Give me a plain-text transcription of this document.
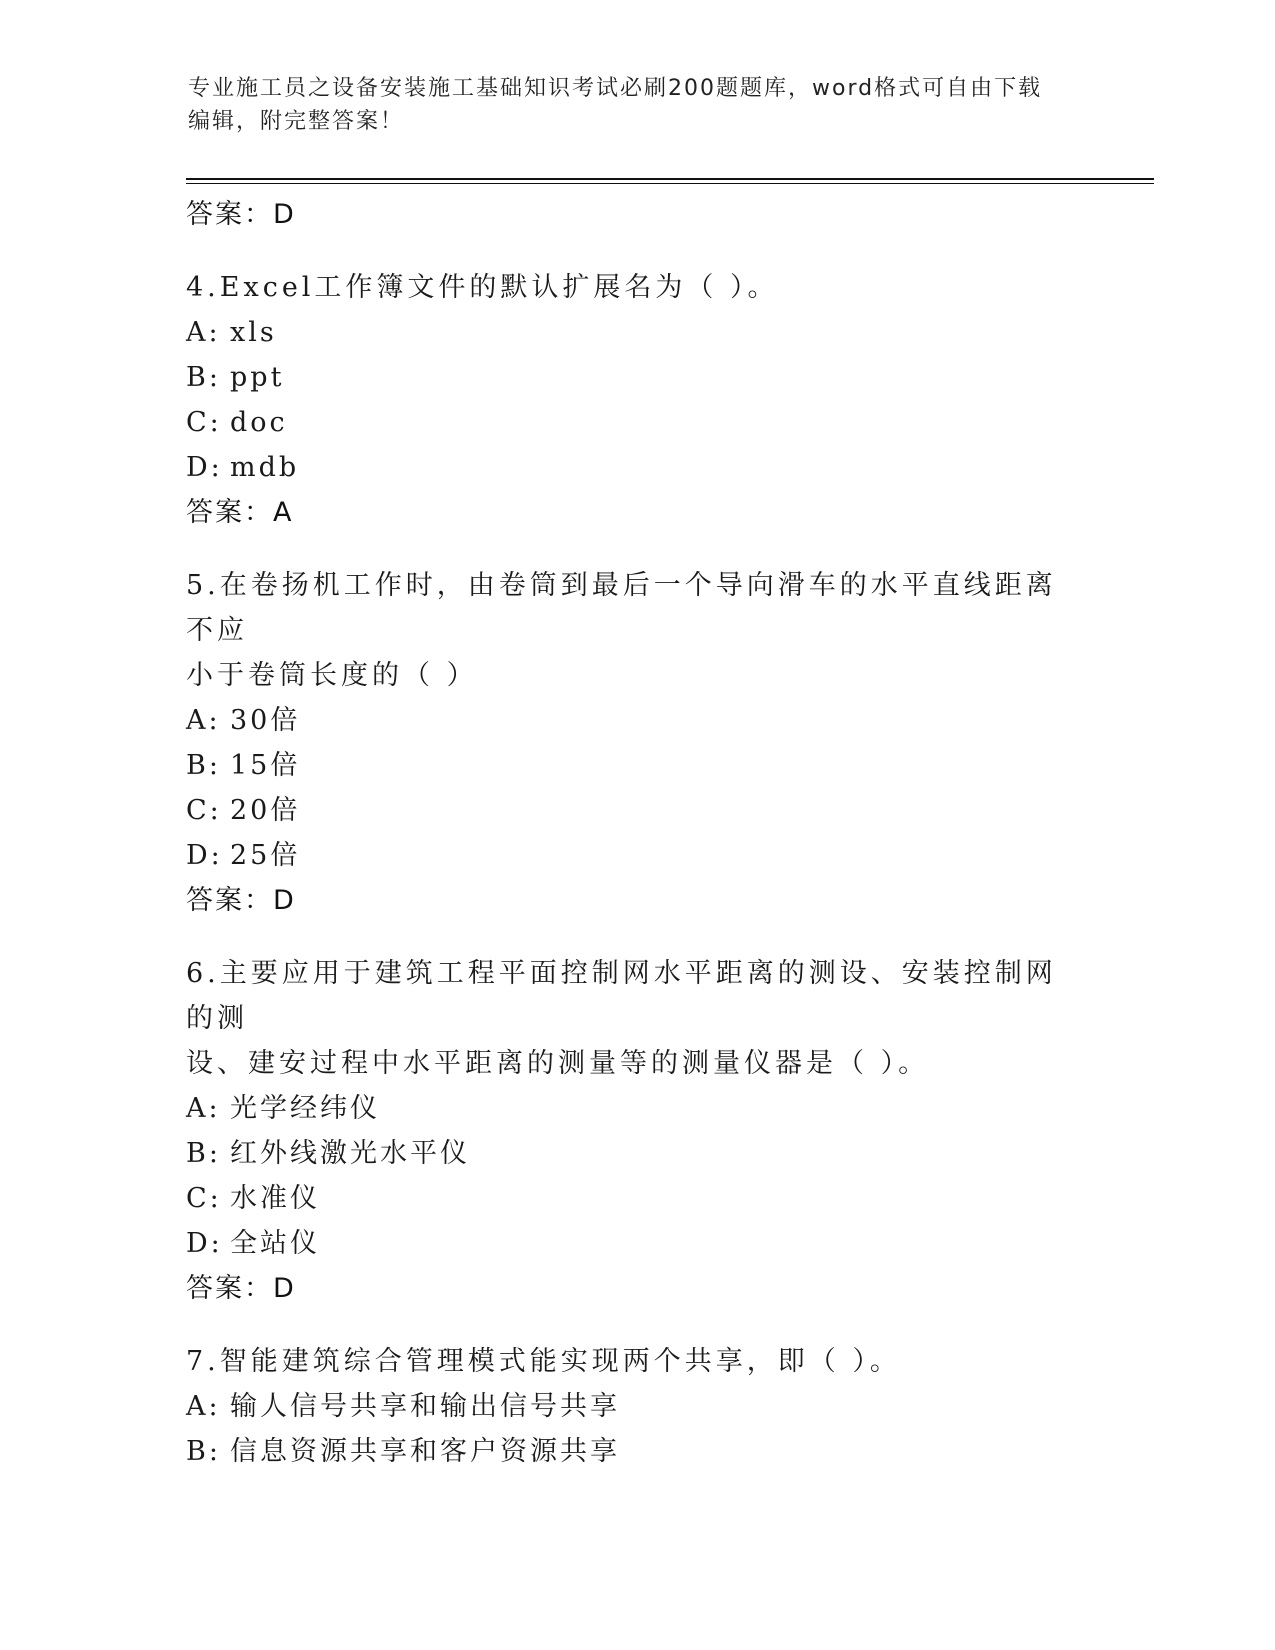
专业施工员之设备安装施工基础知识考试必刷200题题库，word格式可自由下载
编辑，附完整答案！
答案：D
4.Excel工作簿文件的默认扩展名为（ ）。
A: xls
B: ppt
C: doc
D: mdb
答案：A
5.在卷扬机工作时，由卷筒到最后一个导向滑车的水平直线距离不应
小于卷筒长度的（ ）
A: 30倍
B: 15倍
C: 20倍
D: 25倍
答案：D
6.主要应用于建筑工程平面控制网水平距离的测设、安装控制网的测
设、建安过程中水平距离的测量等的测量仪器是（ ）。
A: 光学经纬仪
B: 红外线激光水平仪
C: 水准仪
D: 全站仪
答案：D
7.智能建筑综合管理模式能实现两个共享，即（ ）。
A: 输人信号共享和输出信号共享
B: 信息资源共享和客户资源共享
